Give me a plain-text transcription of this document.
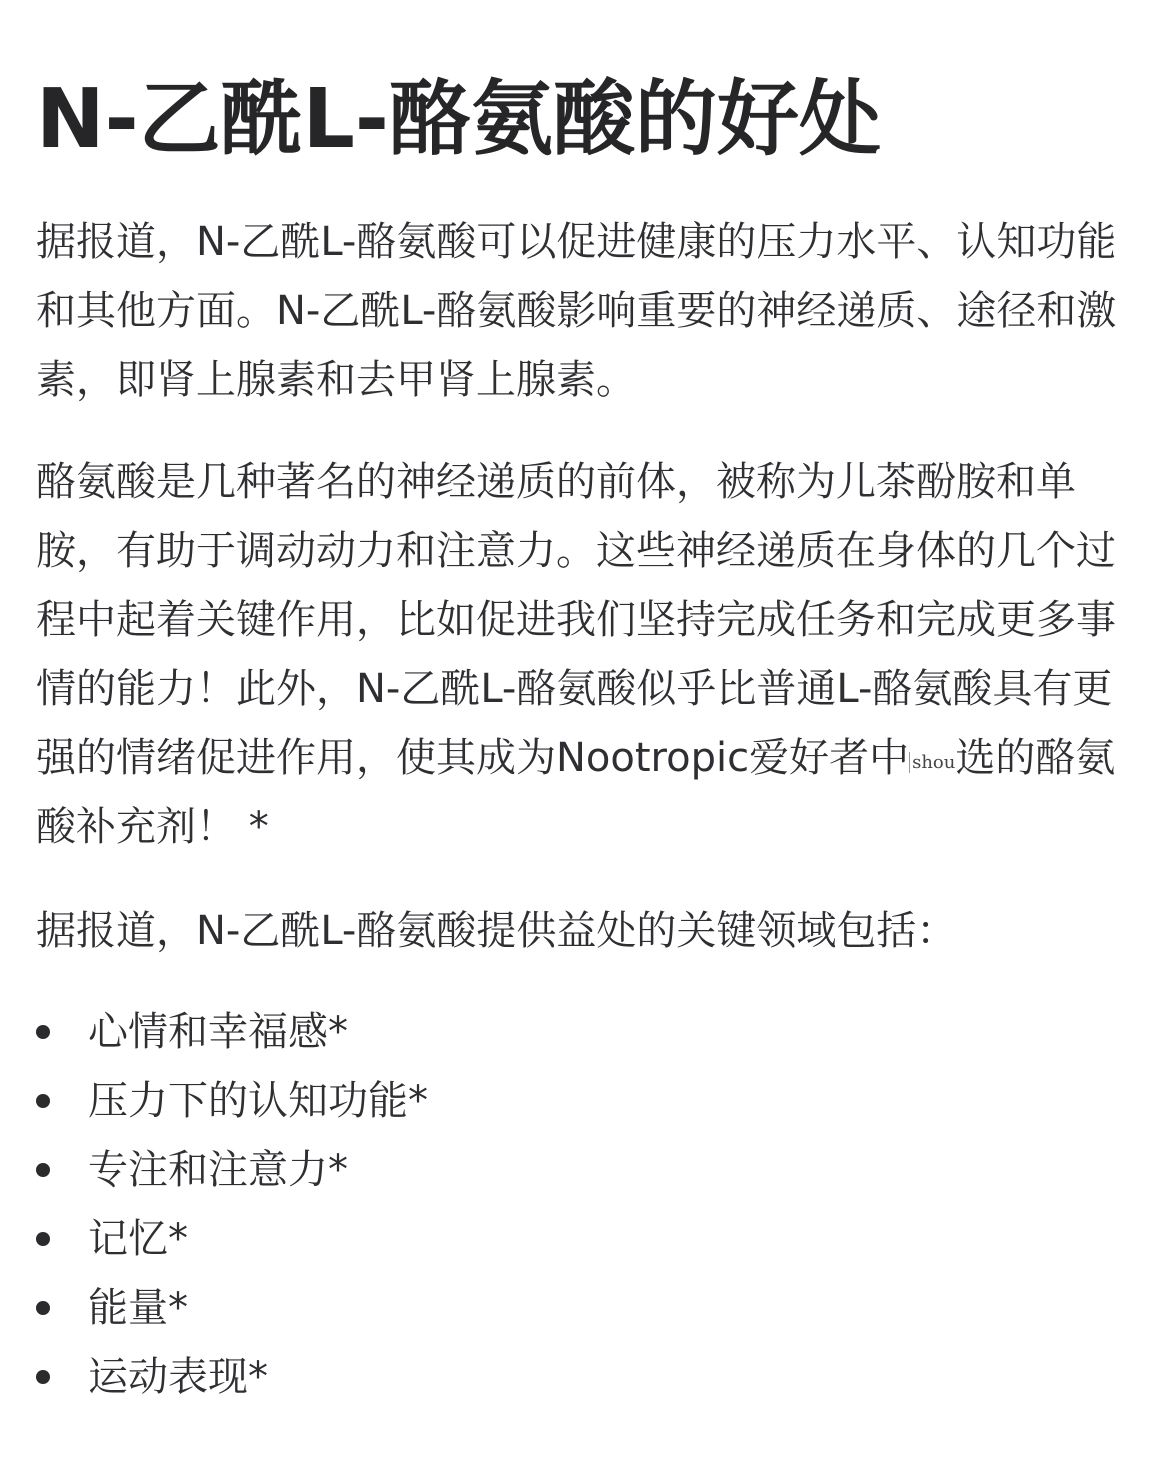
N-乙酰L-酪氨酸的好处

据报道，N-乙酰L-酪氨酸可以促进健康的压力水平、认知功能和其他方面。N-乙酰L-酪氨酸影响重要的神经递质、途径和激素，即肾上腺素和去甲肾上腺素。

酪氨酸是几种著名的神经递质的前体，被称为儿茶酚胺和单胺，有助于调动动力和注意力。这些神经递质在身体的几个过程中起着关键作用，比如促进我们坚持完成任务和完成更多事情的能力！此外，N-乙酰L-酪氨酸似乎比普通L-酪氨酸具有更强的情绪促进作用，使其成为Nootropic爱好者中 shou选的酪氨酸补充剂！ *

据报道，N-乙酰L-酪氨酸提供益处的关键领域包括：

心情和幸福感*
压力下的认知功能*
专注和注意力*
记忆*
能量*
运动表现*
